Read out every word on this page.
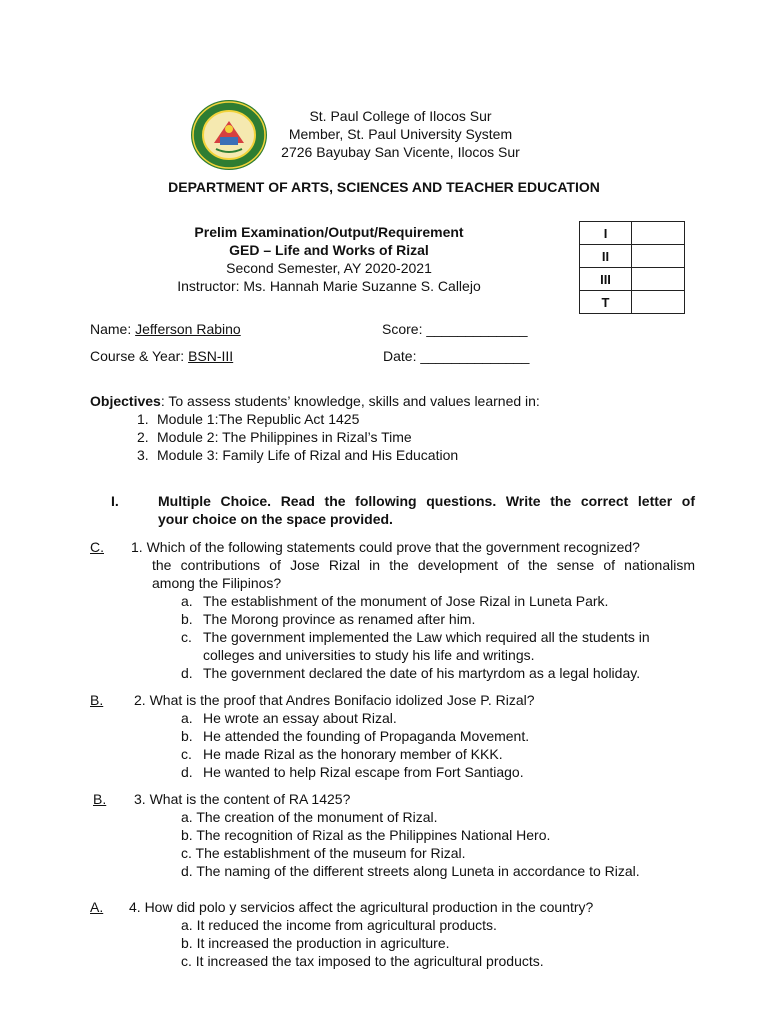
St. Paul College of Ilocos Sur
Member, St. Paul University System
2726 Bayubay San Vicente, Ilocos Sur
DEPARTMENT OF ARTS, SCIENCES AND TEACHER EDUCATION
Prelim Examination/Output/Requirement
GED – Life and Works of Rizal
Second Semester, AY 2020-2021
Instructor: Ms. Hannah Marie Suzanne S. Callejo
I	
II	
III	
T	
Name: Jefferson Rabino	Score: _____________
Course & Year: BSN-III	Date: ______________
Objectives: To assess students’ knowledge, skills and values learned in:
1. Module 1:The Republic Act 1425
2. Module 2: The Philippines in Rizal’s Time
3. Module 3: Family Life of Rizal and His Education
I.	Multiple Choice. Read the following questions. Write the correct letter of
your choice on the space provided.
C. 1. Which of the following statements could prove that the government recognized?
the contributions of Jose Rizal in the development of the sense of nationalism
among the Filipinos?
a. The establishment of the monument of Jose Rizal in Luneta Park.
b. The Morong province as renamed after him.
c. The government implemented the Law which required all the students in
colleges and universities to study his life and writings.
d. The government declared the date of his martyrdom as a legal holiday.
B. 2. What is the proof that Andres Bonifacio idolized Jose P. Rizal?
a. He wrote an essay about Rizal.
b. He attended the founding of Propaganda Movement.
c. He made Rizal as the honorary member of KKK.
d. He wanted to help Rizal escape from Fort Santiago.
B. 3. What is the content of RA 1425?
a. The creation of the monument of Rizal.
b. The recognition of Rizal as the Philippines National Hero.
c. The establishment of the museum for Rizal.
d. The naming of the different streets along Luneta in accordance to Rizal.
A. 4. How did polo y servicios affect the agricultural production in the country?
a. It reduced the income from agricultural products.
b. It increased the production in agriculture.
c. It increased the tax imposed to the agricultural products.
